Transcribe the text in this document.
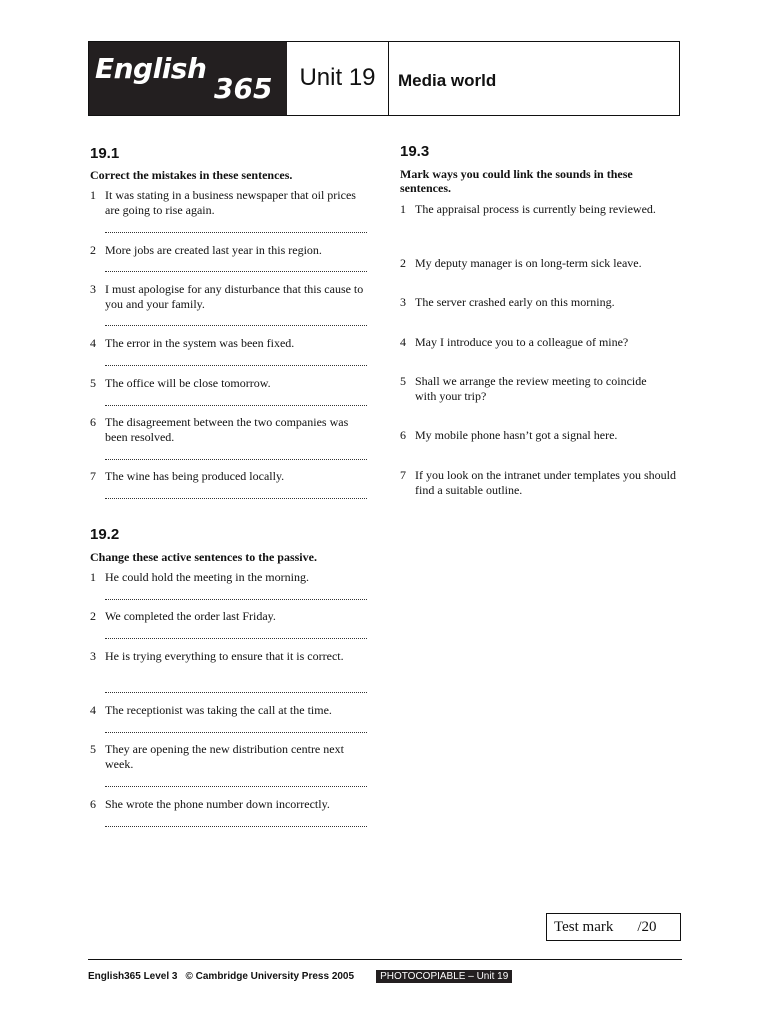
English
365	Unit 19	Media world
19.1
Correct the mistakes in these sentences.
1 It was stating in a business newspaper that oil prices are going to rise again.
2 More jobs are created last year in this region.
3 I must apologise for any disturbance that this cause to you and your family.
4 The error in the system was been fixed.
5 The office will be close tomorrow.
6 The disagreement between the two companies was been resolved.
7 The wine has being produced locally.
19.2
Change these active sentences to the passive.
1 He could hold the meeting in the morning.
2 We completed the order last Friday.
3 He is trying everything to ensure that it is correct.
4 The receptionist was taking the call at the time.
5 They are opening the new distribution centre next week.
6 She wrote the phone number down incorrectly.
19.3
Mark ways you could link the sounds in these sentences.
1 The appraisal process is currently being reviewed.
2 My deputy manager is on long-term sick leave.
3 The server crashed early on this morning.
4 May I introduce you to a colleague of mine?
5 Shall we arrange the review meeting to coincide with your trip?
6 My mobile phone hasn’t got a signal here.
7 If you look on the intranet under templates you should find a suitable outline.
Test mark /20
English365 Level 3 © Cambridge University Press 2005	PHOTOCOPIABLE – Unit 19
